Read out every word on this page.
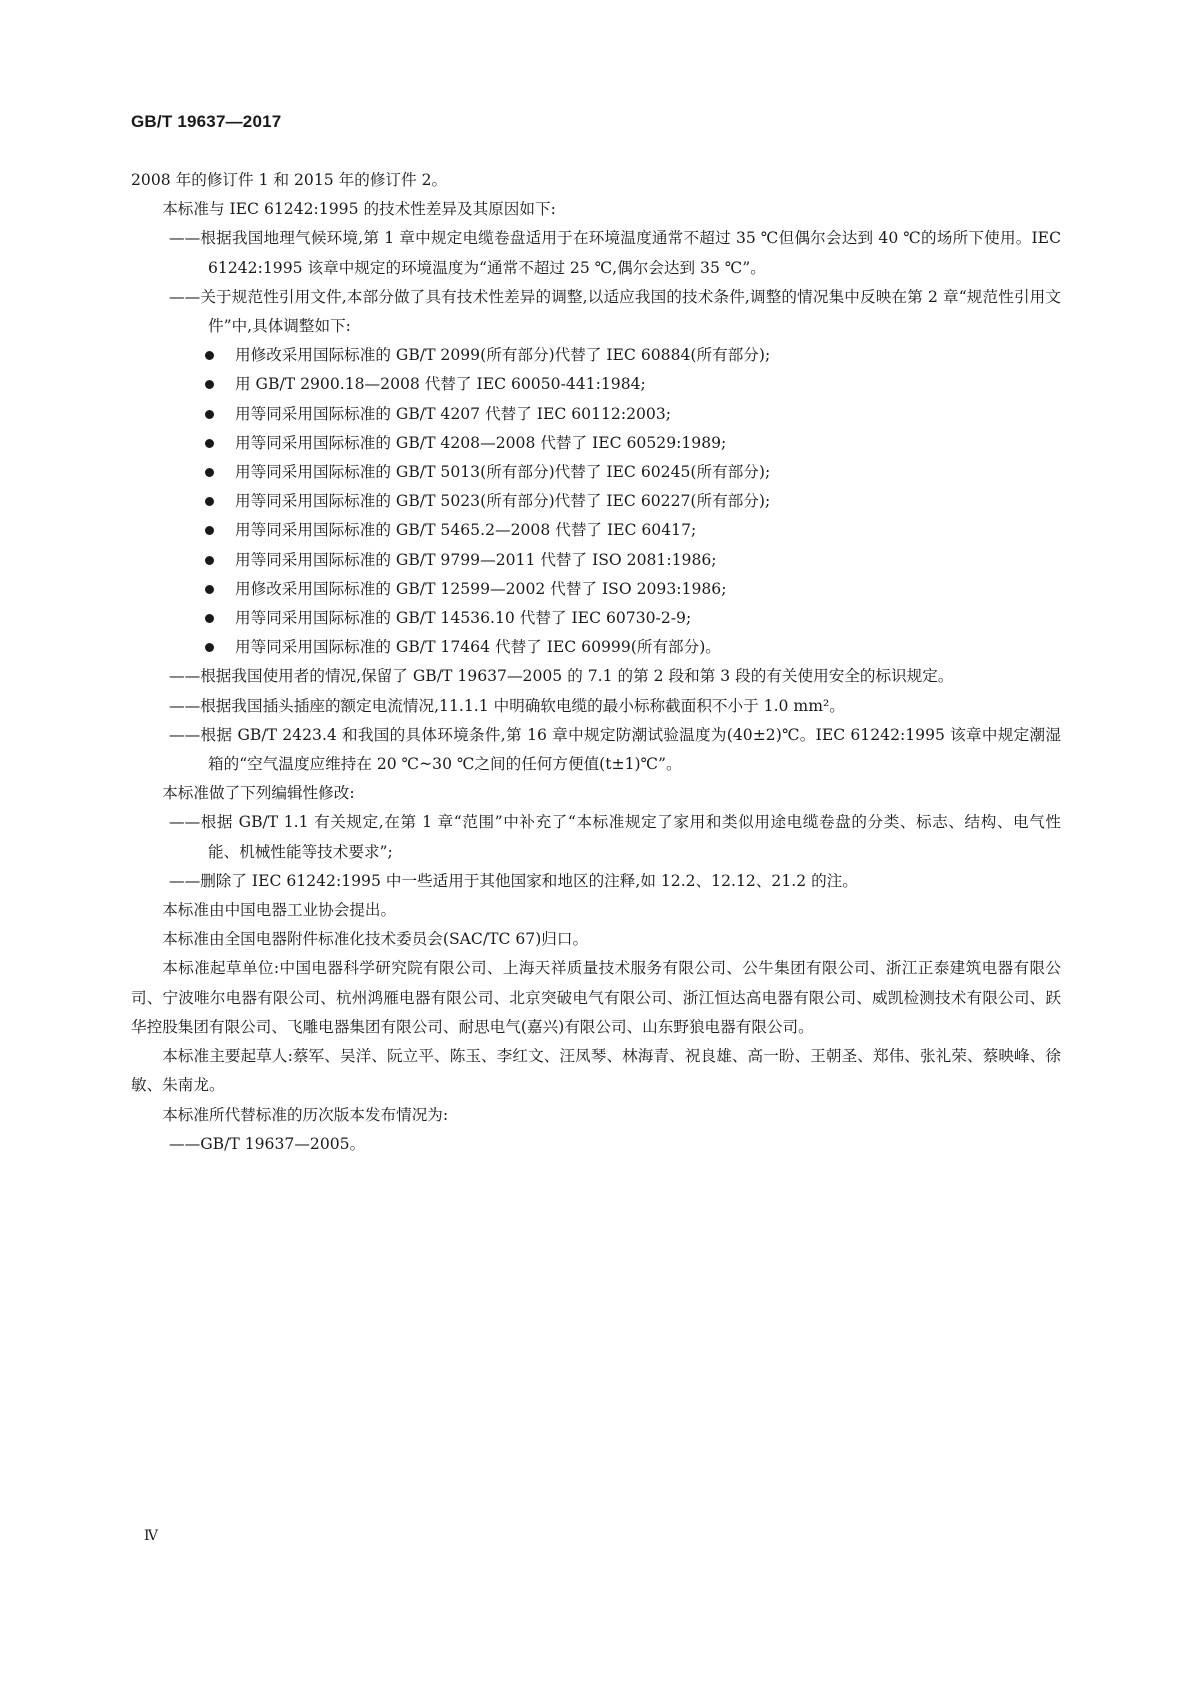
GB/T 19637—2017

2008 年的修订件 1 和 2015 年的修订件 2。

本标准与 IEC 61242:1995 的技术性差异及其原因如下:

——根据我国地理气候环境,第 1 章中规定电缆卷盘适用于在环境温度通常不超过 35 ℃但偶尔会达到 40 ℃的场所下使用。IEC 61242:1995 该章中规定的环境温度为“通常不超过 25 ℃,偶尔会达到 35 ℃”。

——关于规范性引用文件,本部分做了具有技术性差异的调整,以适应我国的技术条件,调整的情况集中反映在第 2 章“规范性引用文件”中,具体调整如下:

用修改采用国际标准的 GB/T 2099(所有部分)代替了 IEC 60884(所有部分);
用 GB/T 2900.18—2008 代替了 IEC 60050-441:1984;
用等同采用国际标准的 GB/T 4207 代替了 IEC 60112:2003;
用等同采用国际标准的 GB/T 4208—2008 代替了 IEC 60529:1989;
用等同采用国际标准的 GB/T 5013(所有部分)代替了 IEC 60245(所有部分);
用等同采用国际标准的 GB/T 5023(所有部分)代替了 IEC 60227(所有部分);
用等同采用国际标准的 GB/T 5465.2—2008 代替了 IEC 60417;
用等同采用国际标准的 GB/T 9799—2011 代替了 ISO 2081:1986;
用修改采用国际标准的 GB/T 12599—2002 代替了 ISO 2093:1986;
用等同采用国际标准的 GB/T 14536.10 代替了 IEC 60730-2-9;
用等同采用国际标准的 GB/T 17464 代替了 IEC 60999(所有部分)。

——根据我国使用者的情况,保留了 GB/T 19637—2005 的 7.1 的第 2 段和第 3 段的有关使用安全的标识规定。

——根据我国插头插座的额定电流情况,11.1.1 中明确软电缆的最小标称截面积不小于 1.0 mm²。

——根据 GB/T 2423.4 和我国的具体环境条件,第 16 章中规定防潮试验温度为(40±2)℃。IEC 61242:1995 该章中规定潮湿箱的“空气温度应维持在 20 ℃~30 ℃之间的任何方便值(t±1)℃”。

本标准做了下列编辑性修改:

——根据 GB/T 1.1 有关规定,在第 1 章“范围”中补充了“本标准规定了家用和类似用途电缆卷盘的分类、标志、结构、电气性能、机械性能等技术要求”;

——删除了 IEC 61242:1995 中一些适用于其他国家和地区的注释,如 12.2、12.12、21.2 的注。

本标准由中国电器工业协会提出。

本标准由全国电器附件标准化技术委员会(SAC/TC 67)归口。

本标准起草单位:中国电器科学研究院有限公司、上海天祥质量技术服务有限公司、公牛集团有限公司、浙江正泰建筑电器有限公司、宁波唯尔电器有限公司、杭州鸿雁电器有限公司、北京突破电气有限公司、浙江恒达高电器有限公司、威凯检测技术有限公司、跃华控股集团有限公司、飞雕电器集团有限公司、耐思电气(嘉兴)有限公司、山东野狼电器有限公司。

本标准主要起草人:蔡军、吴洋、阮立平、陈玉、李红文、汪凤琴、林海青、祝良雄、高一盼、王朝圣、郑伟、张礼荣、蔡映峰、徐敏、朱南龙。

本标准所代替标准的历次版本发布情况为:

——GB/T 19637—2005。

Ⅳ
